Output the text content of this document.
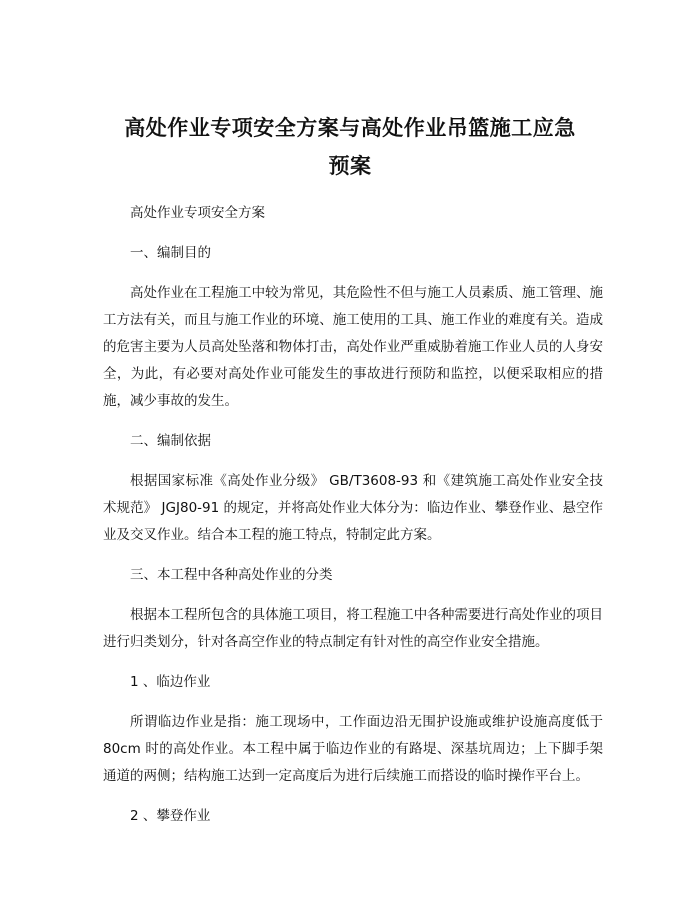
高处作业专项安全方案与高处作业吊篮施工应急
预案

高处作业专项安全方案

一、编制目的

高处作业在工程施工中较为常见，其危险性不但与施工人员素质、施工管理、施工方法有关，而且与施工作业的环境、施工使用的工具、施工作业的难度有关。造成的危害主要为人员高处坠落和物体打击，高处作业严重威胁着施工作业人员的人身安全，为此，有必要对高处作业可能发生的事故进行预防和监控，以便采取相应的措施，减少事故的发生。

二、编制依据

根据国家标准《高处作业分级》 GB/T3608-93 和《建筑施工高处作业安全技术规范》 JGJ80-91 的规定，并将高处作业大体分为：临边作业、攀登作业、悬空作业及交叉作业。结合本工程的施工特点，特制定此方案。

三、本工程中各种高处作业的分类

根据本工程所包含的具体施工项目，将工程施工中各种需要进行高处作业的项目进行归类划分，针对各高空作业的特点制定有针对性的高空作业安全措施。

1 、临边作业

所谓临边作业是指：施工现场中，工作面边沿无围护设施或维护设施高度低于 80cm 时的高处作业。本工程中属于临边作业的有路堤、深基坑周边；上下脚手架通道的两侧；结构施工达到一定高度后为进行后续施工而搭设的临时操作平台上。

2 、攀登作业
